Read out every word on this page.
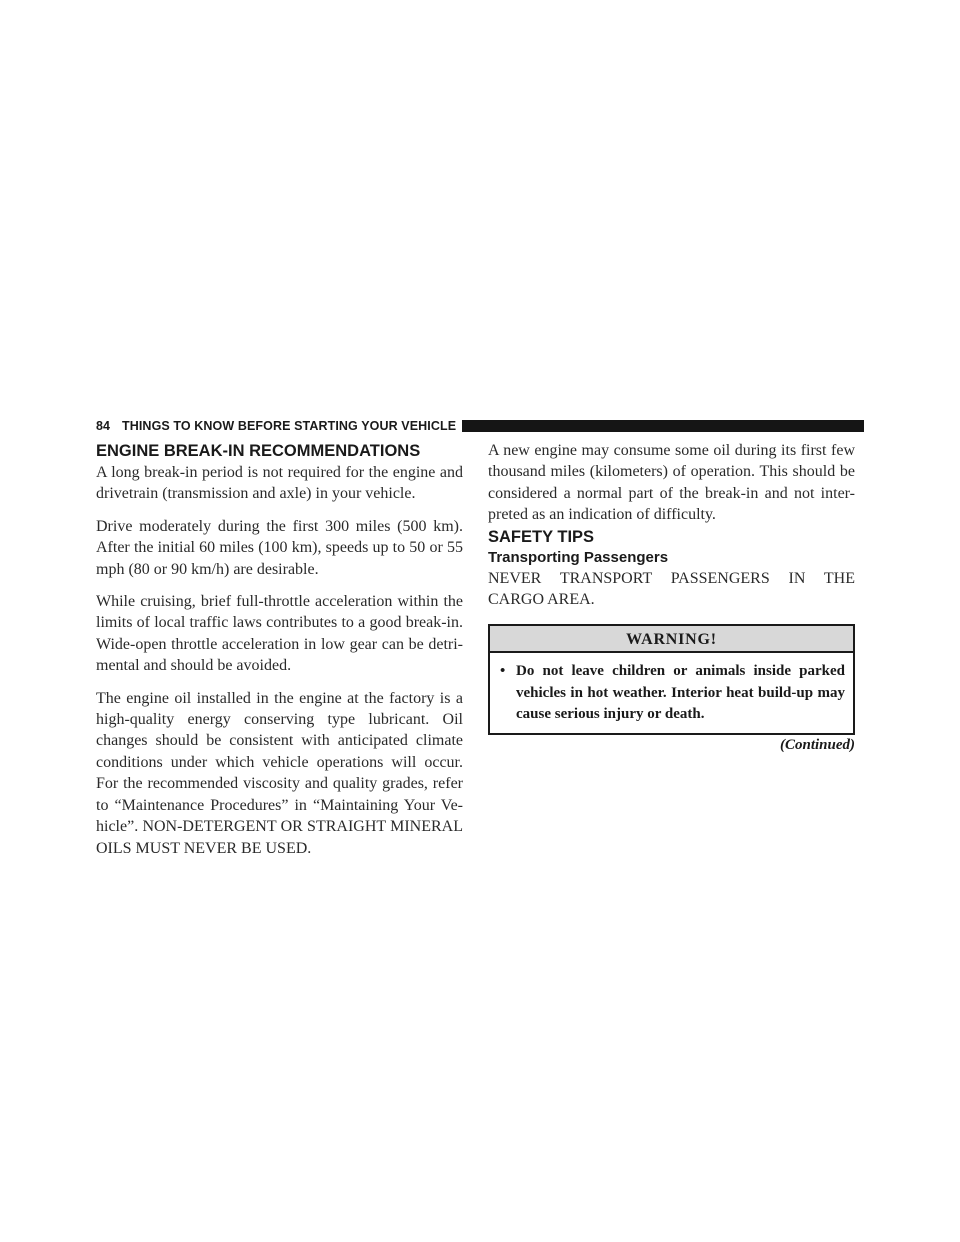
84 THINGS TO KNOW BEFORE STARTING YOUR VEHICLE
ENGINE BREAK-IN RECOMMENDATIONS

A long break-in period is not required for the engine and drivetrain (transmission and axle) in your vehicle.

Drive moderately during the first 300 miles (500 km). After the initial 60 miles (100 km), speeds up to 50 or 55 mph (80 or 90 km/h) are desirable.

While cruising, brief full-throttle acceleration within the limits of local traffic laws contributes to a good break-in. Wide-open throttle acceleration in low gear can be detri-mental and should be avoided.

The engine oil installed in the engine at the factory is a high-quality energy conserving type lubricant. Oil changes should be consistent with anticipated climate conditions under which vehicle operations will occur. For the recommended viscosity and quality grades, refer to “Maintenance Procedures” in “Maintaining Your Ve-hicle”. NON-DETERGENT OR STRAIGHT MINERAL OILS MUST NEVER BE USED.

A new engine may consume some oil during its first few thousand miles (kilometers) of operation. This should be considered a normal part of the break-in and not inter-preted as an indication of difficulty.

SAFETY TIPS
Transporting Passengers

NEVER TRANSPORT PASSENGERS IN THE CARGO AREA.

WARNING!
• Do not leave children or animals inside parked vehicles in hot weather. Interior heat build-up may cause serious injury or death.
(Continued)
